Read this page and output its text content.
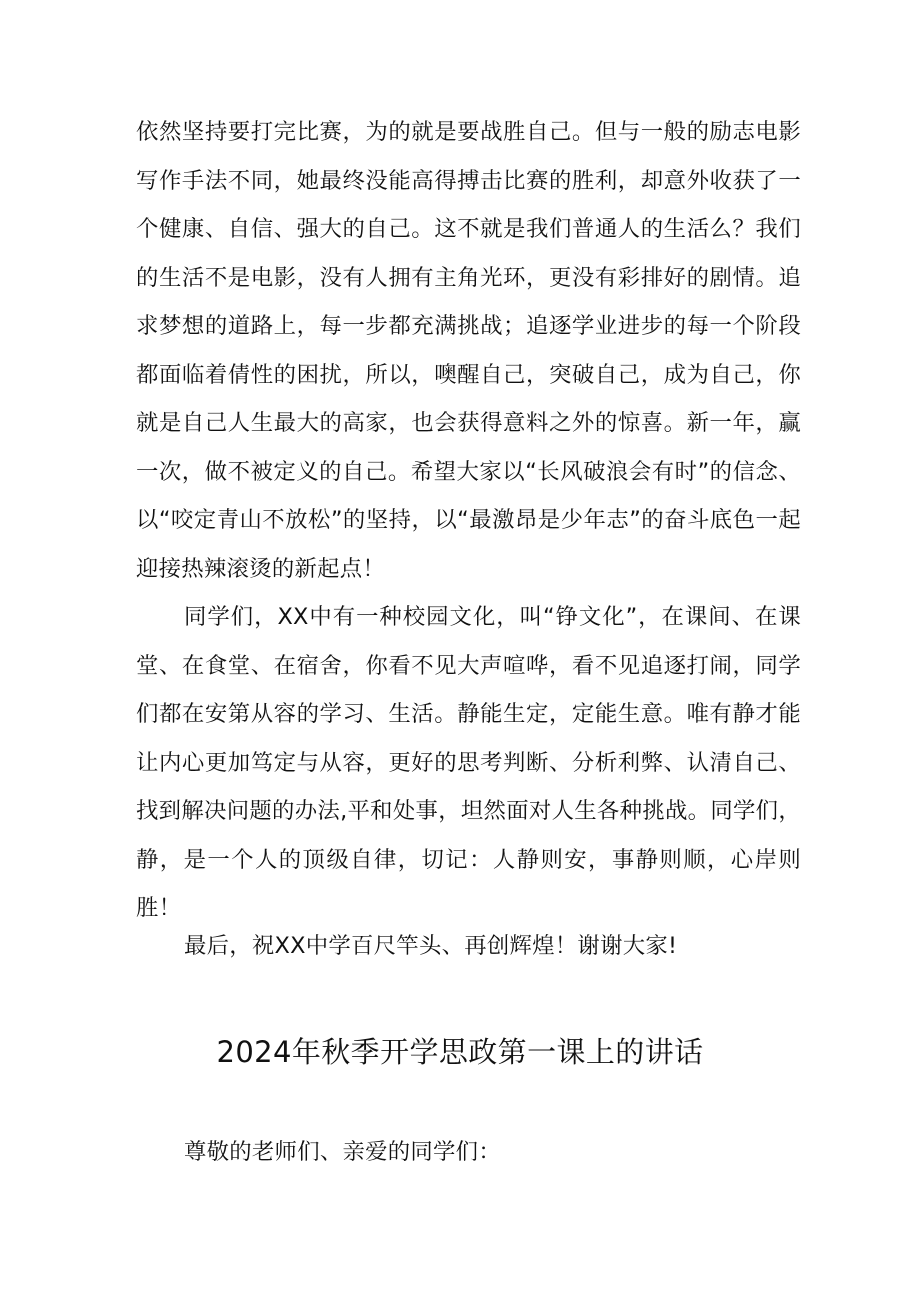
依然坚持要打完比赛，为的就是要战胜自己。但与一般的励志电影写作手法不同，她最终没能高得搏击比赛的胜利，却意外收获了一个健康、自信、强大的自己。这不就是我们普通人的生活么？我们的生活不是电影，没有人拥有主角光环，更没有彩排好的剧情。追求梦想的道路上，每一步都充满挑战；追逐学业进步的每一个阶段都面临着倩性的困扰，所以，噢醒自己，突破自己，成为自己，你就是自己人生最大的高家，也会获得意料之外的惊喜。新一年，赢一次，做不被定义的自己。希望大家以“长风破浪会有时”的信念、以“咬定青山不放松”的坚持，以“最激昂是少年志”的奋斗底色一起迎接热辣滚烫的新起点！

同学们，XX中有一种校园文化，叫“铮文化”，在课间、在课堂、在食堂、在宿舍，你看不见大声喧哗，看不见追逐打闹，同学们都在安第从容的学习、生活。静能生定，定能生意。唯有静才能让内心更加笃定与从容，更好的思考判断、分析利弊、认清自己、找到解决问题的办法,平和处事，坦然面对人生各种挑战。同学们，静，是一个人的顶级自律，切记：人静则安，事静则顺，心岸则胜！

最后，祝XX中学百尺竿头、再创辉煌！谢谢大家!

2024年秋季开学思政第一课上的讲话

尊敬的老师们、亲爱的同学们：
